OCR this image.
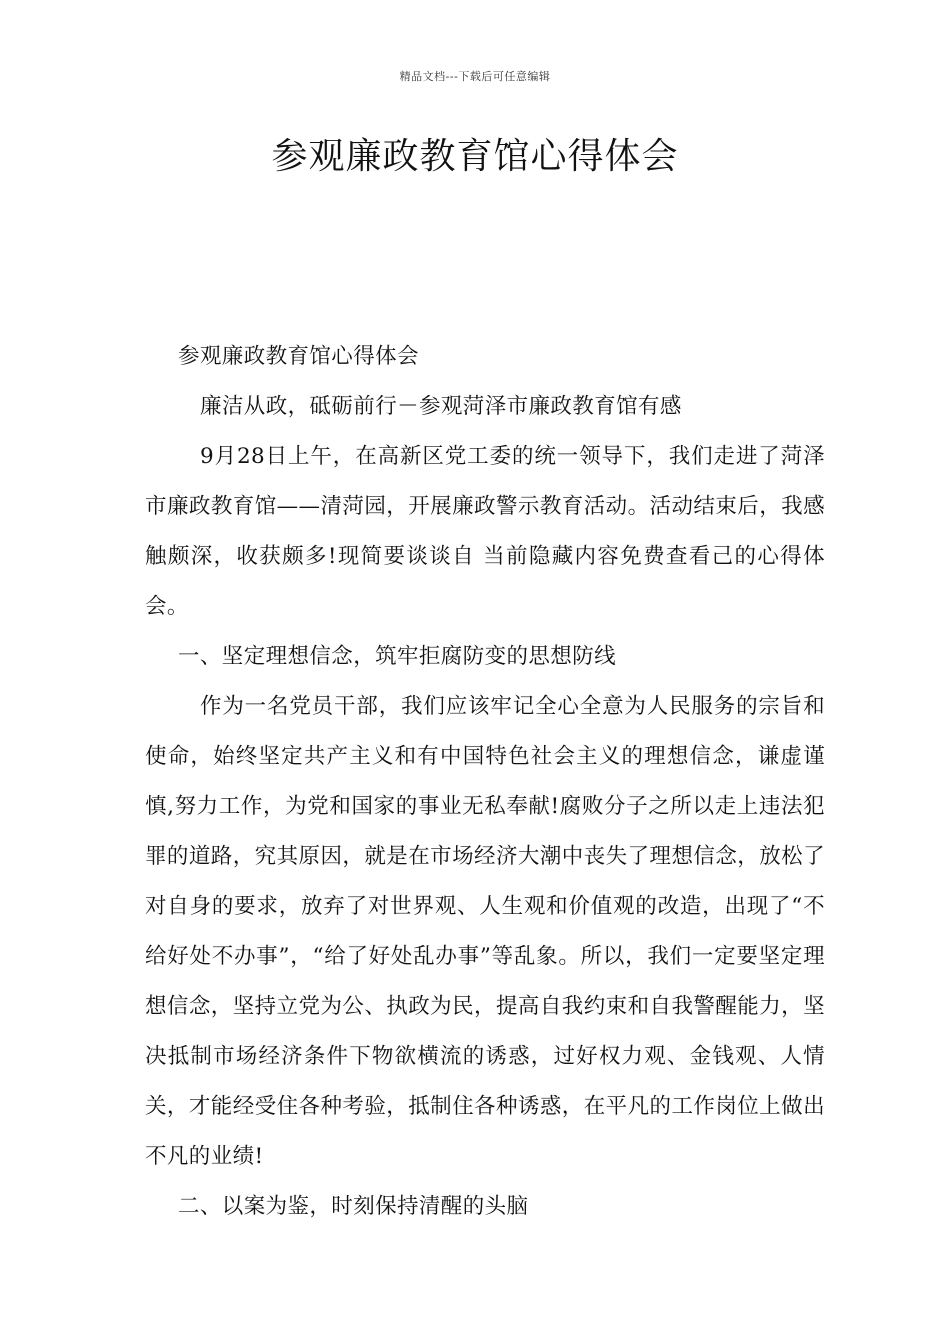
精品文档---下载后可任意编辑
参观廉政教育馆心得体会

参观廉政教育馆心得体会

廉洁从政，砥砺前行－参观菏泽市廉政教育馆有感

9月28日上午，在高新区党工委的统一领导下，我们走进了菏泽市廉政教育馆——清菏园，开展廉政警示教育活动。活动结束后，我感触颇深，收获颇多!现简要谈谈自 当前隐藏内容免费查看己的心得体会。

一、坚定理想信念，筑牢拒腐防变的思想防线

作为一名党员干部，我们应该牢记全心全意为人民服务的宗旨和使命，始终坚定共产主义和有中国特色社会主义的理想信念，谦虚谨慎,努力工作，为党和国家的事业无私奉献!腐败分子之所以走上违法犯罪的道路，究其原因，就是在市场经济大潮中丧失了理想信念，放松了对自身的要求，放弃了对世界观、人生观和价值观的改造，出现了“不给好处不办事”，“给了好处乱办事”等乱象。所以，我们一定要坚定理想信念，坚持立党为公、执政为民，提高自我约束和自我警醒能力，坚决抵制市场经济条件下物欲横流的诱惑，过好权力观、金钱观、人情关，才能经受住各种考验，抵制住各种诱惑，在平凡的工作岗位上做出不凡的业绩!

二、以案为鉴，时刻保持清醒的头脑
